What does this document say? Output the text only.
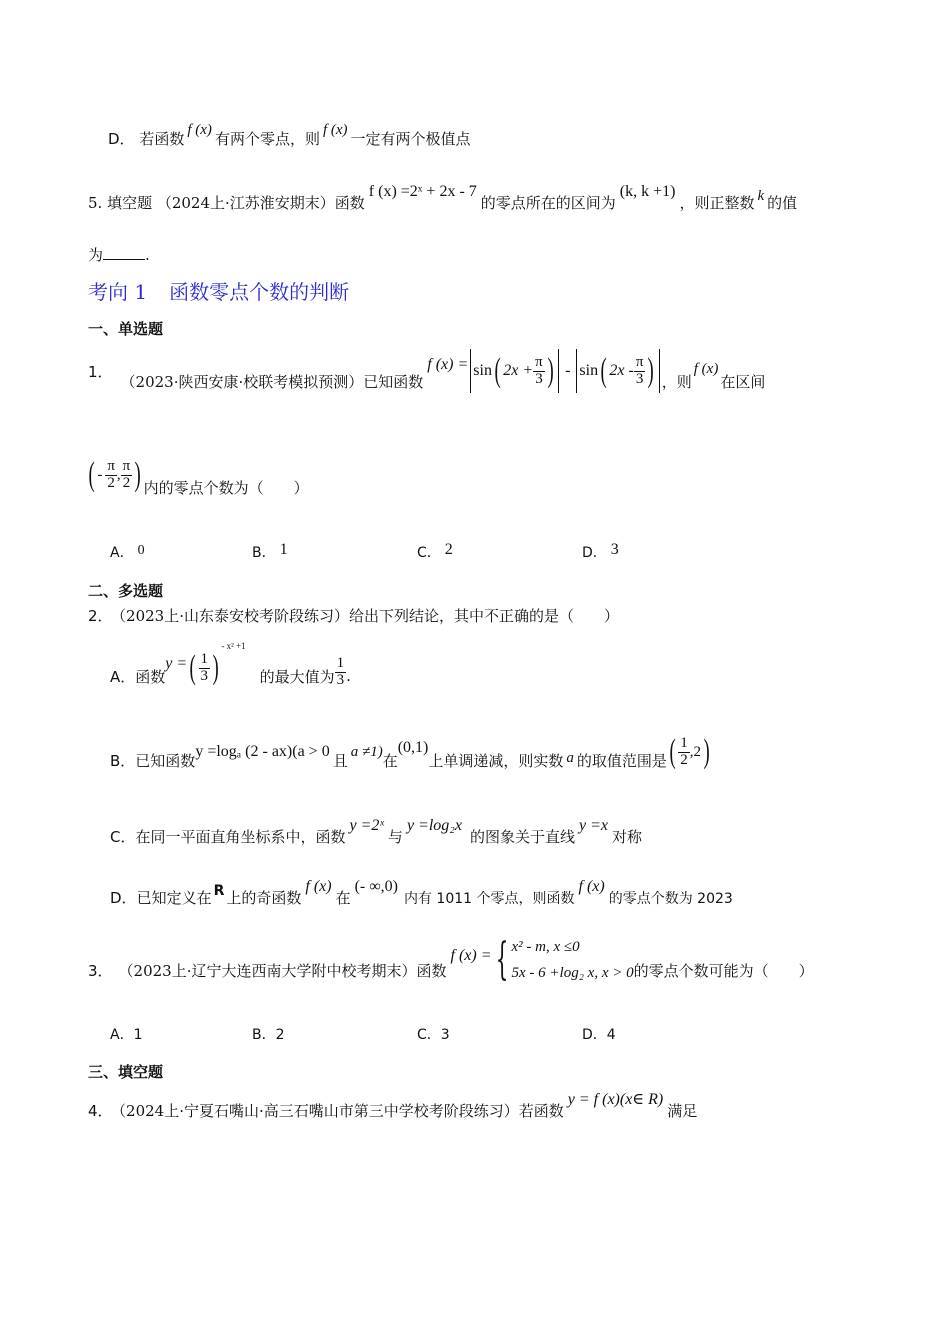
D． 若函数 f (x) 有两个零点，则 f (x) 一定有两个极值点
5. 填空题 （2024上·江苏淮安期末）函数f (x) =2ˣ + 2x - 7的零点所在的区间为(k, k +1)，则正整数 k 的值
为	.
考向 1 函数零点个数的判断
一、单选题
1．
（2023·陕西安康·校联考模拟预测）已知函数
f (x) = sin ( $2x + \frac{\pi}{3}$ ) - sin ( $2x - \frac{\pi}{3}$ ) ，则
f (x)
在区间
( - $\frac{\pi}{2}$ , $\frac{\pi}{2}$ ) 内的零点个数为（　　）
A． 0	B． 1	C． 2	D． 3
二、多选题
2． （2023上·山东泰安校考阶段练习）给出下列结论，其中不正确的是（　　）
A． 函数
y = ( $\frac{1}{3}$ )
- x² +1
的最大值为 $\frac{1}{3}$ .
B． 已知函数 y =logₐ (2 - ax)(a > 0 且 a ≠1) 在
(0,1)
上单调递减，则实数 a 的取值范围是 ( $\frac{1}{2} ,2$ )
C．在同一平面直角坐标系中，函数y =2ˣ与y =log₂x的图象关于直线y =x对称
D．已知定义在 R 上的奇函数f (x)在(- ∞,0)内有 1011 个零点，则函数f (x)的零点个数为 2023
3． （2023上·辽宁大连西南大学附中校考期末）函数
f (x) = { x² - m, x ≤0
5x - 6 +log₂ x, x > 0 的零点个数可能为（　　）
A．1	B．2	C．3	D．4
三、填空题
4． （2024上·宁夏石嘴山·高三石嘴山市第三中学校考阶段练习）若函数y = f (x)(x∈ R)满足
